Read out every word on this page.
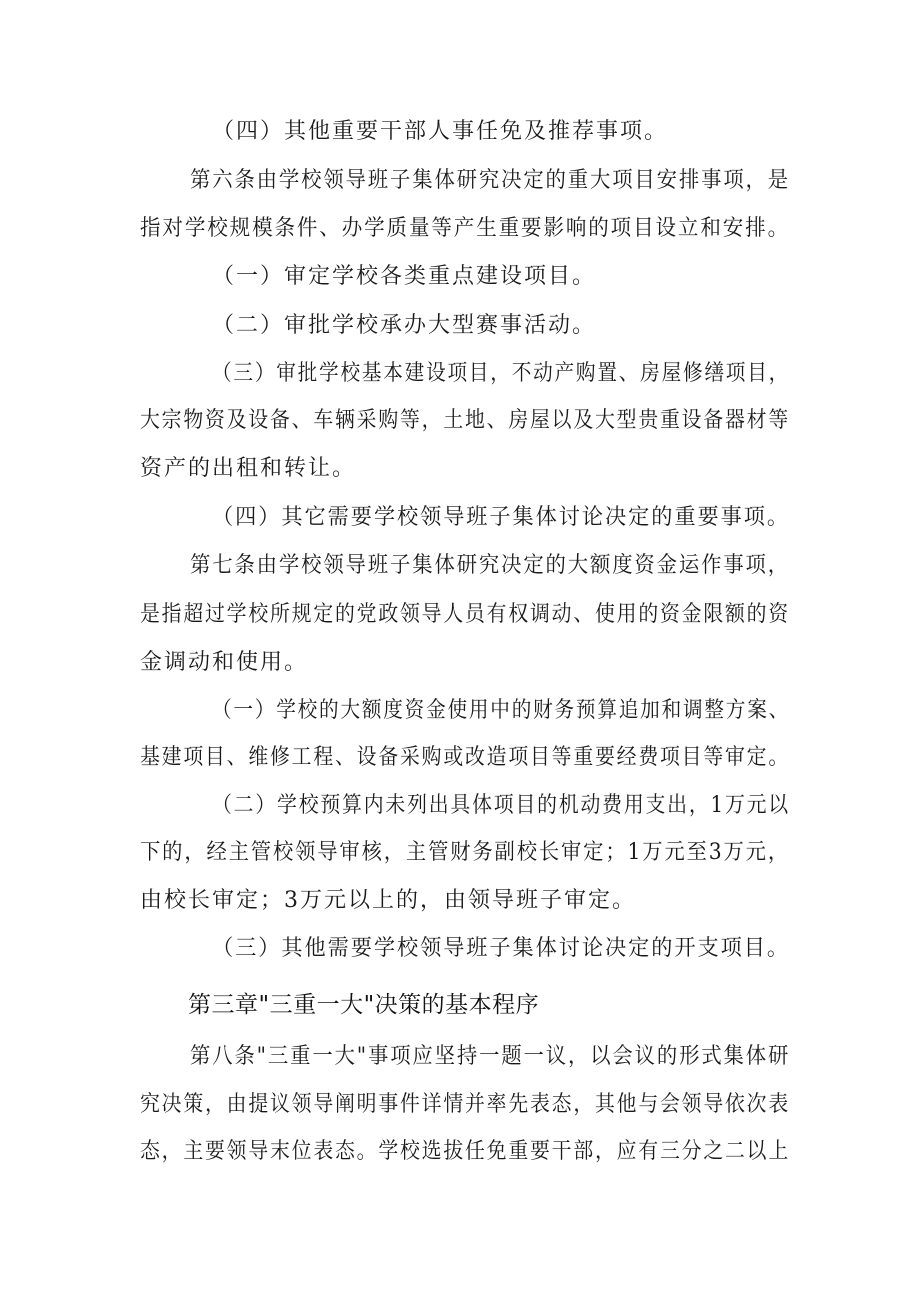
（四）其他重要干部人事任免及推荐事项。
第六条由学校领导班子集体研究决定的重大项目安排事项，是
指对学校规模条件、办学质量等产生重要影响的项目设立和安排。
（一）审定学校各类重点建设项目。
（二）审批学校承办大型赛事活动。
（三）审批学校基本建设项目，不动产购置、房屋修缮项目，
大宗物资及设备、车辆采购等，土地、房屋以及大型贵重设备器材等
资产的出租和转让。
（四）其它需要学校领导班子集体讨论决定的重要事项。
第七条由学校领导班子集体研究决定的大额度资金运作事项，
是指超过学校所规定的党政领导人员有权调动、使用的资金限额的资
金调动和使用。
（一）学校的大额度资金使用中的财务预算追加和调整方案、
基建项目、维修工程、设备采购或改造项目等重要经费项目等审定。
（二）学校预算内未列出具体项目的机动费用支出，1万元以
下的，经主管校领导审核，主管财务副校长审定；1万元至3万元，
由校长审定；3万元以上的，由领导班子审定。
（三）其他需要学校领导班子集体讨论决定的开支项目。
第三章"三重一大"决策的基本程序
第八条"三重一大"事项应坚持一题一议，以会议的形式集体研
究决策，由提议领导阐明事件详情并率先表态，其他与会领导依次表
态，主要领导末位表态。学校选拔任免重要干部，应有三分之二以上
